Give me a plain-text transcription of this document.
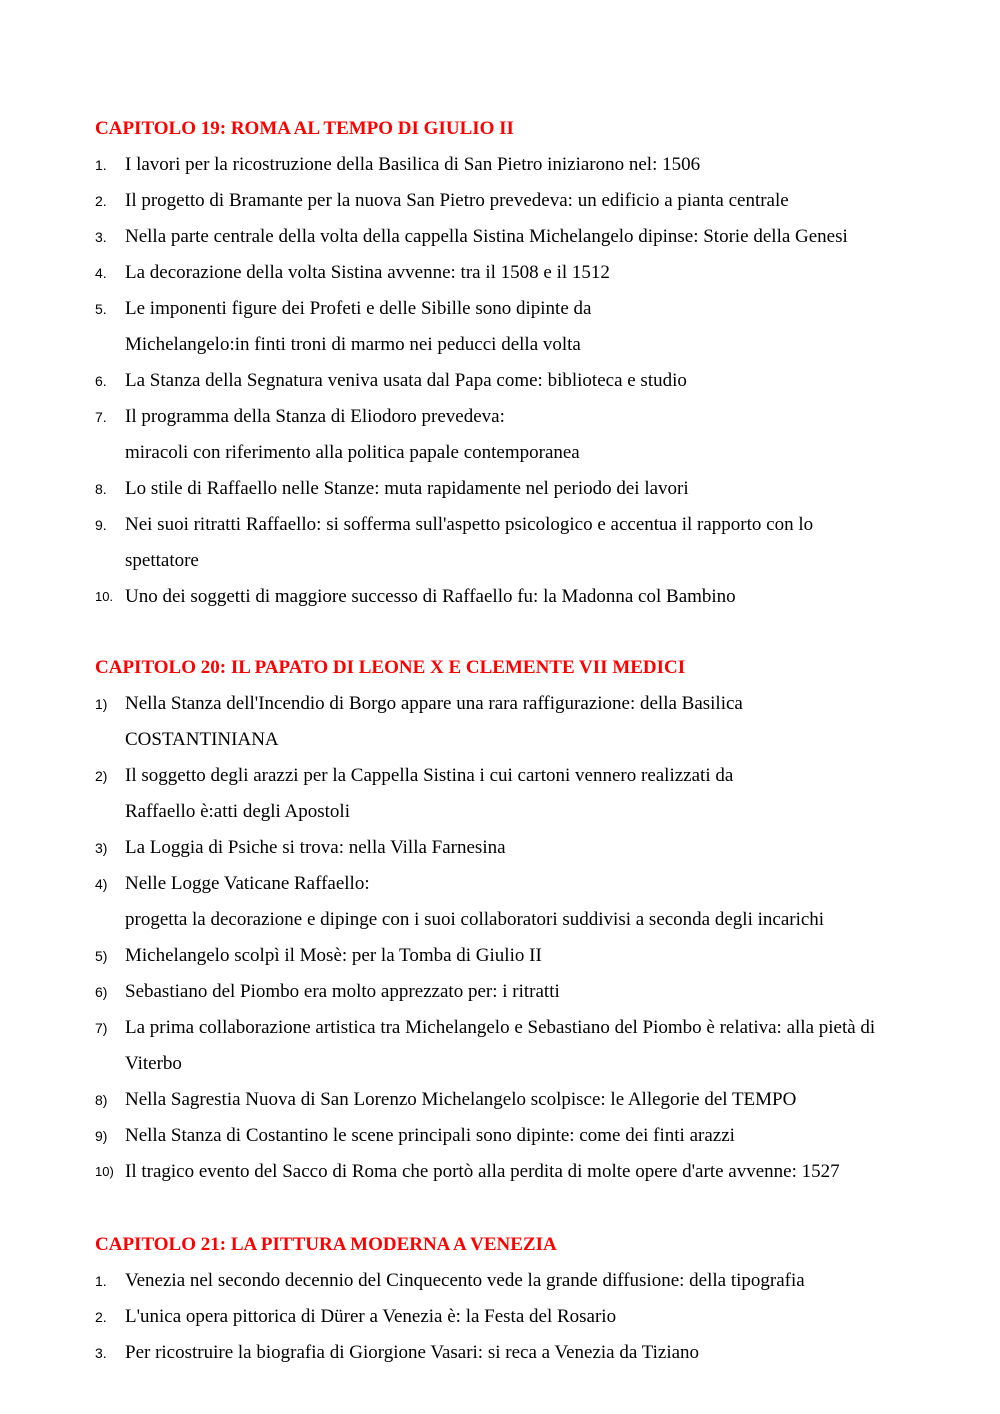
CAPITOLO 19: ROMA AL TEMPO DI GIULIO II
1. I lavori per la ricostruzione della Basilica di San Pietro iniziarono nel: 1506
2. Il progetto di Bramante per la nuova San Pietro prevedeva: un edificio a pianta centrale
3. Nella parte centrale della volta della cappella Sistina Michelangelo dipinse: Storie della Genesi
4. La decorazione della volta Sistina avvenne: tra il 1508 e il 1512
5. Le imponenti figure dei Profeti e delle Sibille sono dipinte da
Michelangelo:in finti troni di marmo nei peducci della volta
6. La Stanza della Segnatura veniva usata dal Papa come: biblioteca e studio
7. Il programma della Stanza di Eliodoro prevedeva:
miracoli con riferimento alla politica papale contemporanea
8. Lo stile di Raffaello nelle Stanze: muta rapidamente nel periodo dei lavori
9. Nei suoi ritratti Raffaello: si sofferma sull'aspetto psicologico e accentua il rapporto con lo
spettatore
10. Uno dei soggetti di maggiore successo di Raffaello fu: la Madonna col Bambino
CAPITOLO 20: IL PAPATO DI LEONE X E CLEMENTE VII MEDICI
1) Nella Stanza dell'Incendio di Borgo appare una rara raffigurazione: della Basilica
COSTANTINIANA
2) Il soggetto degli arazzi per la Cappella Sistina i cui cartoni vennero realizzati da
Raffaello è:atti degli Apostoli
3) La Loggia di Psiche si trova: nella Villa Farnesina
4) Nelle Logge Vaticane Raffaello:
progetta la decorazione e dipinge con i suoi collaboratori suddivisi a seconda degli incarichi
5) Michelangelo scolpì il Mosè: per la Tomba di Giulio II
6) Sebastiano del Piombo era molto apprezzato per: i ritratti
7) La prima collaborazione artistica tra Michelangelo e Sebastiano del Piombo è relativa: alla pietà di
Viterbo
8) Nella Sagrestia Nuova di San Lorenzo Michelangelo scolpisce: le Allegorie del TEMPO
9) Nella Stanza di Costantino le scene principali sono dipinte: come dei finti arazzi
10) Il tragico evento del Sacco di Roma che portò alla perdita di molte opere d'arte avvenne: 1527
CAPITOLO 21: LA PITTURA MODERNA A VENEZIA
1. Venezia nel secondo decennio del Cinquecento vede la grande diffusione: della tipografia
2. L'unica opera pittorica di Dürer a Venezia è: la Festa del Rosario
3. Per ricostruire la biografia di Giorgione Vasari: si reca a Venezia da Tiziano
